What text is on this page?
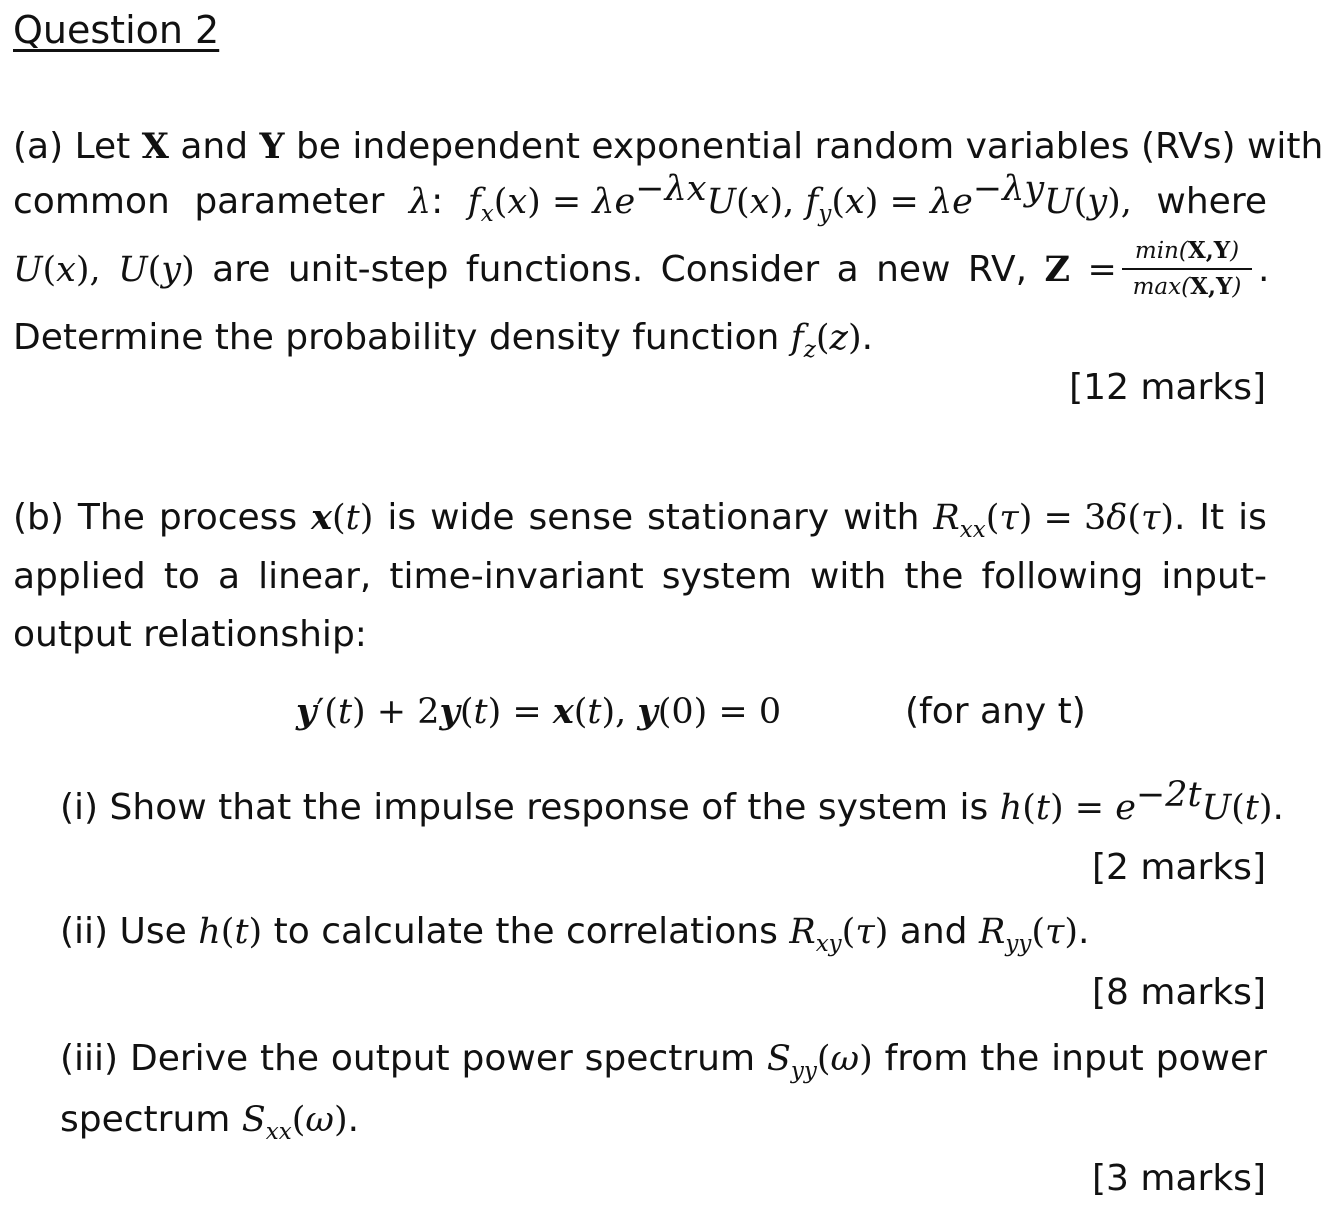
Question 2
(a) Let X and Y be independent exponential random variables (RVs) with
common parameter λ: $f_x(x) = \lambda e^{-\lambda x}U(x)$, $f_y(x) = \lambda e^{-\lambda y}U(y)$, where
U(x), U(y) are unit-step functions. Consider a new RV, Z = min(X,Y)
max(X,Y) .
Determine the probability density function $f_z(z)$.
[12 marks]
(b) The process x(t) is wide sense stationary with $R_{xx}(\tau) = 3\delta(\tau)$. It is
applied to a linear, time-invariant system with the following input-
output relationship:
y′(t) + 2y(t) = x(t), y(0) = 0	(for any t)
(i) Show that the impulse response of the system is $h(t) = e^{-2t}U(t)$.
[2 marks]
(ii) Use h(t) to calculate the correlations $R_{xy}(\tau)$ and $R_{yy}(\tau)$.
[8 marks]
(iii) Derive the output power spectrum $S_{yy}(\omega)$ from the input power
spectrum $S_{xx}(\omega)$.
[3 marks]
